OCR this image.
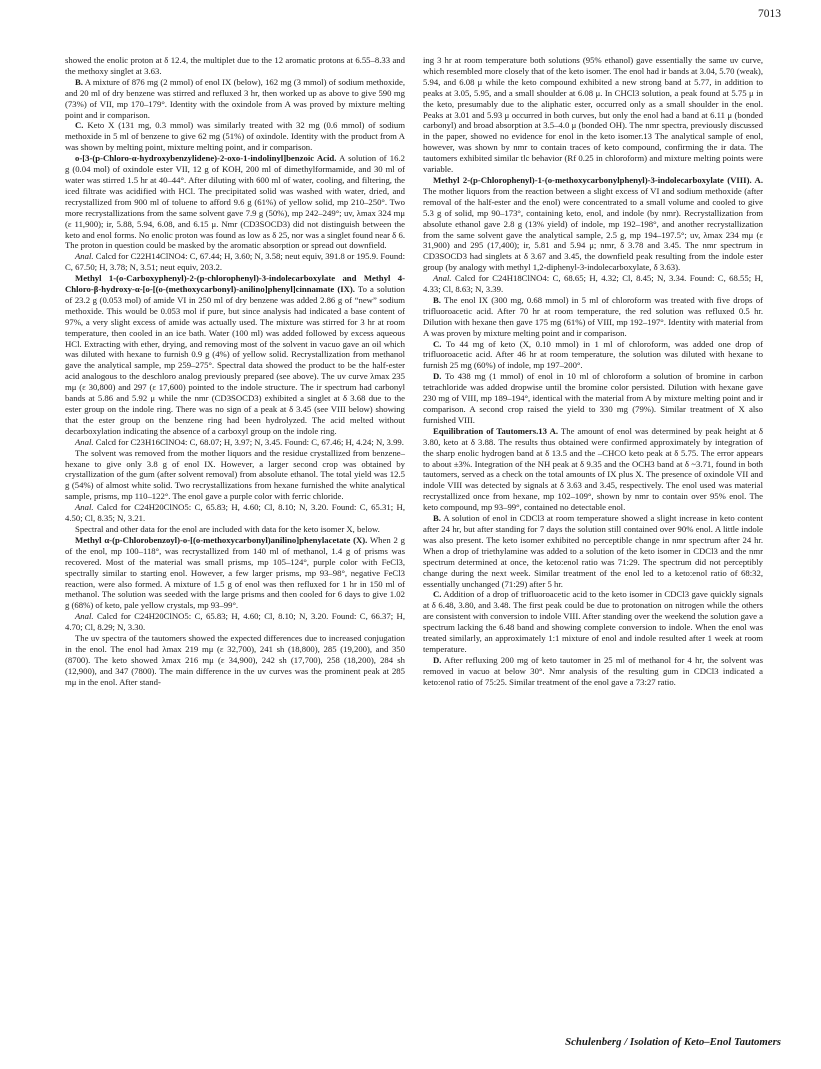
7013

showed the enolic proton at δ 12.4, the multiplet due to the 12 aromatic protons at 6.55–8.33 and the methoxy singlet at 3.63.

B. A mixture of 876 mg (2 mmol) of enol IX (below), 162 mg (3 mmol) of sodium methoxide, and 20 ml of dry benzene was stirred and refluxed 3 hr, then worked up as above to give 590 mg (73%) of VII, mp 170–179°. Identity with the oxindole from A was proved by mixture melting point and ir comparison.

C. Keto X (131 mg, 0.3 mmol) was similarly treated with 32 mg (0.6 mmol) of sodium methoxide in 5 ml of benzene to give 62 mg (51%) of oxindole. Identity with the product from A was shown by melting point, mixture melting point, and ir comparison.

o-[3-(p-Chloro-α-hydroxybenzylidene)-2-oxo-1-indolinyl]benzoic Acid. A solution of 16.2 g (0.04 mol) of oxindole ester VII, 12 g of KOH, 200 ml of dimethylformamide, and 30 ml of water was stirred 1.5 hr at 40–44°. After diluting with 600 ml of water, cooling, and filtering, the iced filtrate was acidified with HCl. The precipitated solid was washed with water, dried, and recrystallized from 900 ml of toluene to afford 9.6 g (61%) of yellow solid, mp 210–250°. Two more recrystallizations from the same solvent gave 7.9 g (50%), mp 242–249°; uv, λmax 324 mμ (ε 11,900); ir, 5.88, 5.94, 6.08, and 6.15 μ. Nmr (CD3SOCD3) did not distinguish between the keto and enol forms. No enolic proton was found as low as δ 25, nor was a singlet found near δ 6. The proton in question could be masked by the aromatic absorption or spread out downfield.

Anal. Calcd for C22H14ClNO4: C, 67.44; H, 3.60; N, 3.58; neut equiv, 391.8 or 195.9. Found: C, 67.50; H, 3.78; N, 3.51; neut equiv, 203.2.

Methyl 1-(o-Carboxyphenyl)-2-(p-chlorophenyl)-3-indolecarboxylate and Methyl 4-Chloro-β-hydroxy-α-[o-[(o-(methoxycarbonyl)-anilino]phenyl]cinnamate (IX). To a solution of 23.2 g (0.053 mol) of amide VI in 250 ml of dry benzene was added 2.86 g of “new” sodium methoxide. This would be 0.053 mol if pure, but since analysis had indicated a base content of 97%, a very slight excess of amide was actually used. The mixture was stirred for 3 hr at room temperature, then cooled in an ice bath. Water (100 ml) was added followed by excess aqueous HCl. Extracting with ether, drying, and removing most of the solvent in vacuo gave an oil which was diluted with hexane to furnish 0.9 g (4%) of yellow solid. Recrystallization from methanol gave the analytical sample, mp 259–275°. Spectral data showed the product to be the half-ester acid analogous to the deschloro analog previously prepared (see above). The uv curve λmax 235 mμ (ε 30,800) and 297 (ε 17,600) pointed to the indole structure. The ir spectrum had carbonyl bands at 5.86 and 5.92 μ while the nmr (CD3SOCD3) exhibited a singlet at δ 3.68 due to the ester group on the indole ring. There was no sign of a peak at δ 3.45 (see VIII below) showing that the ester group on the benzene ring had been hydrolyzed. The acid melted without decarboxylation indicating the absence of a carboxyl group on the indole ring.

Anal. Calcd for C23H16ClNO4: C, 68.07; H, 3.97; N, 3.45. Found: C, 67.46; H, 4.24; N, 3.99.

The solvent was removed from the mother liquors and the residue crystallized from benzene–hexane to give only 3.8 g of enol IX. However, a larger second crop was obtained by crystallization of the gum (after solvent removal) from absolute ethanol. The total yield was 12.5 g (54%) of almost white solid. Two recrystallizations from hexane furnished the white analytical sample, prisms, mp 110–122°. The enol gave a purple color with ferric chloride.

Anal. Calcd for C24H20ClNO5: C, 65.83; H, 4.60; Cl, 8.10; N, 3.20. Found: C, 65.31; H, 4.50; Cl, 8.35; N, 3.21.

Spectral and other data for the enol are included with data for the keto isomer X, below.

Methyl α-(p-Chlorobenzoyl)-o-[(o-methoxycarbonyl)anilino]phenylacetate (X). When 2 g of the enol, mp 100–118°, was recrystallized from 140 ml of methanol, 1.4 g of prisms was recovered. Most of the material was small prisms, mp 105–124°, purple color with FeCl3, spectrally similar to starting enol. However, a few larger prisms, mp 93–98°, negative FeCl3 reaction, were also formed. A mixture of 1.5 g of enol was then refluxed for 1 hr in 150 ml of methanol. The solution was seeded with the large prisms and then cooled for 6 days to give 1.02 g (68%) of keto, pale yellow crystals, mp 93–99°.

Anal. Calcd for C24H20ClNO5: C, 65.83; H, 4.60; Cl, 8.10; N, 3.20. Found: C, 66.37; H, 4.70; Cl, 8.29; N, 3.30.

The uv spectra of the tautomers showed the expected differences due to increased conjugation in the enol. The enol had λmax 219 mμ (ε 32,700), 241 sh (18,800), 285 (19,200), and 350 (8700). The keto showed λmax 216 mμ (ε 34,900), 242 sh (17,700), 258 (18,200), 284 sh (12,900), and 347 (7800). The main difference in the uv curves was the prominent peak at 285 mμ in the enol. After stand-

ing 3 hr at room temperature both solutions (95% ethanol) gave essentially the same uv curve, which resembled more closely that of the keto isomer. The enol had ir bands at 3.04, 5.70 (weak), 5.94, and 6.08 μ while the keto compound exhibited a new strong band at 5.77, in addition to peaks at 3.05, 5.95, and a small shoulder at 6.08 μ. In CHCl3 solution, a peak found at 5.75 μ in the keto, presumably due to the aliphatic ester, occurred only as a small shoulder in the enol. Peaks at 3.01 and 5.93 μ occurred in both curves, but only the enol had a band at 6.11 μ (bonded carbonyl) and broad absorption at 3.5–4.0 μ (bonded OH). The nmr spectra, previously discussed in the paper, showed no evidence for enol in the keto isomer.13 The analytical sample of enol, however, was shown by nmr to contain traces of keto compound, confirming the ir data. The tautomers exhibited similar tlc behavior (Rf 0.25 in chloroform) and mixture melting points were variable.

Methyl 2-(p-Chlorophenyl)-1-(o-methoxycarbonylphenyl)-3-indolecarboxylate (VIII). A. The mother liquors from the reaction between a slight excess of VI and sodium methoxide (after removal of the half-ester and the enol) were concentrated to a small volume and cooled to give 5.3 g of solid, mp 90–173°, containing keto, enol, and indole (by nmr). Recrystallization from absolute ethanol gave 2.8 g (13% yield) of indole, mp 192–198°, and another recrystallization from the same solvent gave the analytical sample, 2.5 g, mp 194–197.5°; uv, λmax 234 mμ (ε 31,900) and 295 (17,400); ir, 5.81 and 5.94 μ; nmr, δ 3.78 and 3.45. The nmr spectrum in CD3SOCD3 had singlets at δ 3.67 and 3.45, the downfield peak resulting from the indole ester group (by analogy with methyl 1,2-diphenyl-3-indolecarboxylate, δ 3.63).

Anal. Calcd for C24H18ClNO4: C, 68.65; H, 4.32; Cl, 8.45; N, 3.34. Found: C, 68.55; H, 4.33; Cl, 8.63; N, 3.39.

B. The enol IX (300 mg, 0.68 mmol) in 5 ml of chloroform was treated with five drops of trifluoroacetic acid. After 70 hr at room temperature, the red solution was refluxed 0.5 hr. Dilution with hexane then gave 175 mg (61%) of VIII, mp 192–197°. Identity with material from A was proven by mixture melting point and ir comparison.

C. To 44 mg of keto (X, 0.10 mmol) in 1 ml of chloroform, was added one drop of trifluoroacetic acid. After 46 hr at room temperature, the solution was diluted with hexane to furnish 25 mg (60%) of indole, mp 197–200°.

D. To 438 mg (1 mmol) of enol in 10 ml of chloroform a solution of bromine in carbon tetrachloride was added dropwise until the bromine color persisted. Dilution with hexane gave 230 mg of VIII, mp 189–194°, identical with the material from A by mixture melting point and ir comparison. A second crop raised the yield to 330 mg (79%). Similar treatment of X also furnished VIII.

Equilibration of Tautomers.13 A. The amount of enol was determined by peak height at δ 3.80, keto at δ 3.88. The results thus obtained were confirmed approximately by integration of the sharp enolic hydrogen band at δ 13.5 and the –CHCO keto peak at δ 5.75. The error appears to about ±3%. Integration of the NH peak at δ 9.35 and the OCH3 band at δ ~3.71, found in both tautomers, served as a check on the total amounts of IX plus X. The presence of oxindole VII and indole VIII was detected by signals at δ 3.63 and 3.45, respectively. The enol used was material recrystallized once from hexane, mp 102–109°, shown by nmr to contain over 95% enol. The keto compound, mp 93–99°, contained no detectable enol.

B. A solution of enol in CDCl3 at room temperature showed a slight increase in keto content after 24 hr, but after standing for 7 days the solution still contained over 90% enol. A little indole was also present. The keto isomer exhibited no perceptible change in nmr spectrum after 24 hr. When a drop of triethylamine was added to a solution of the keto isomer in CDCl3 and the nmr spectrum determined at once, the keto:enol ratio was 71:29. The spectrum did not perceptibly change during the next week. Similar treatment of the enol led to a keto:enol ratio of 68:32, essentially unchanged (71:29) after 5 hr.

C. Addition of a drop of trifluoroacetic acid to the keto isomer in CDCl3 gave quickly signals at δ 6.48, 3.80, and 3.48. The first peak could be due to protonation on nitrogen while the others are consistent with conversion to indole VIII. After standing over the weekend the solution gave a spectrum lacking the 6.48 band and showing complete conversion to indole. When the enol was treated similarly, an approximately 1:1 mixture of enol and indole resulted after 1 week at room temperature.

D. After refluxing 200 mg of keto tautomer in 25 ml of methanol for 4 hr, the solvent was removed in vacuo at below 30°. Nmr analysis of the resulting gum in CDCl3 indicated a keto:enol ratio of 75:25. Similar treatment of the enol gave a 73:27 ratio.

Schulenberg / Isolation of Keto–Enol Tautomers
